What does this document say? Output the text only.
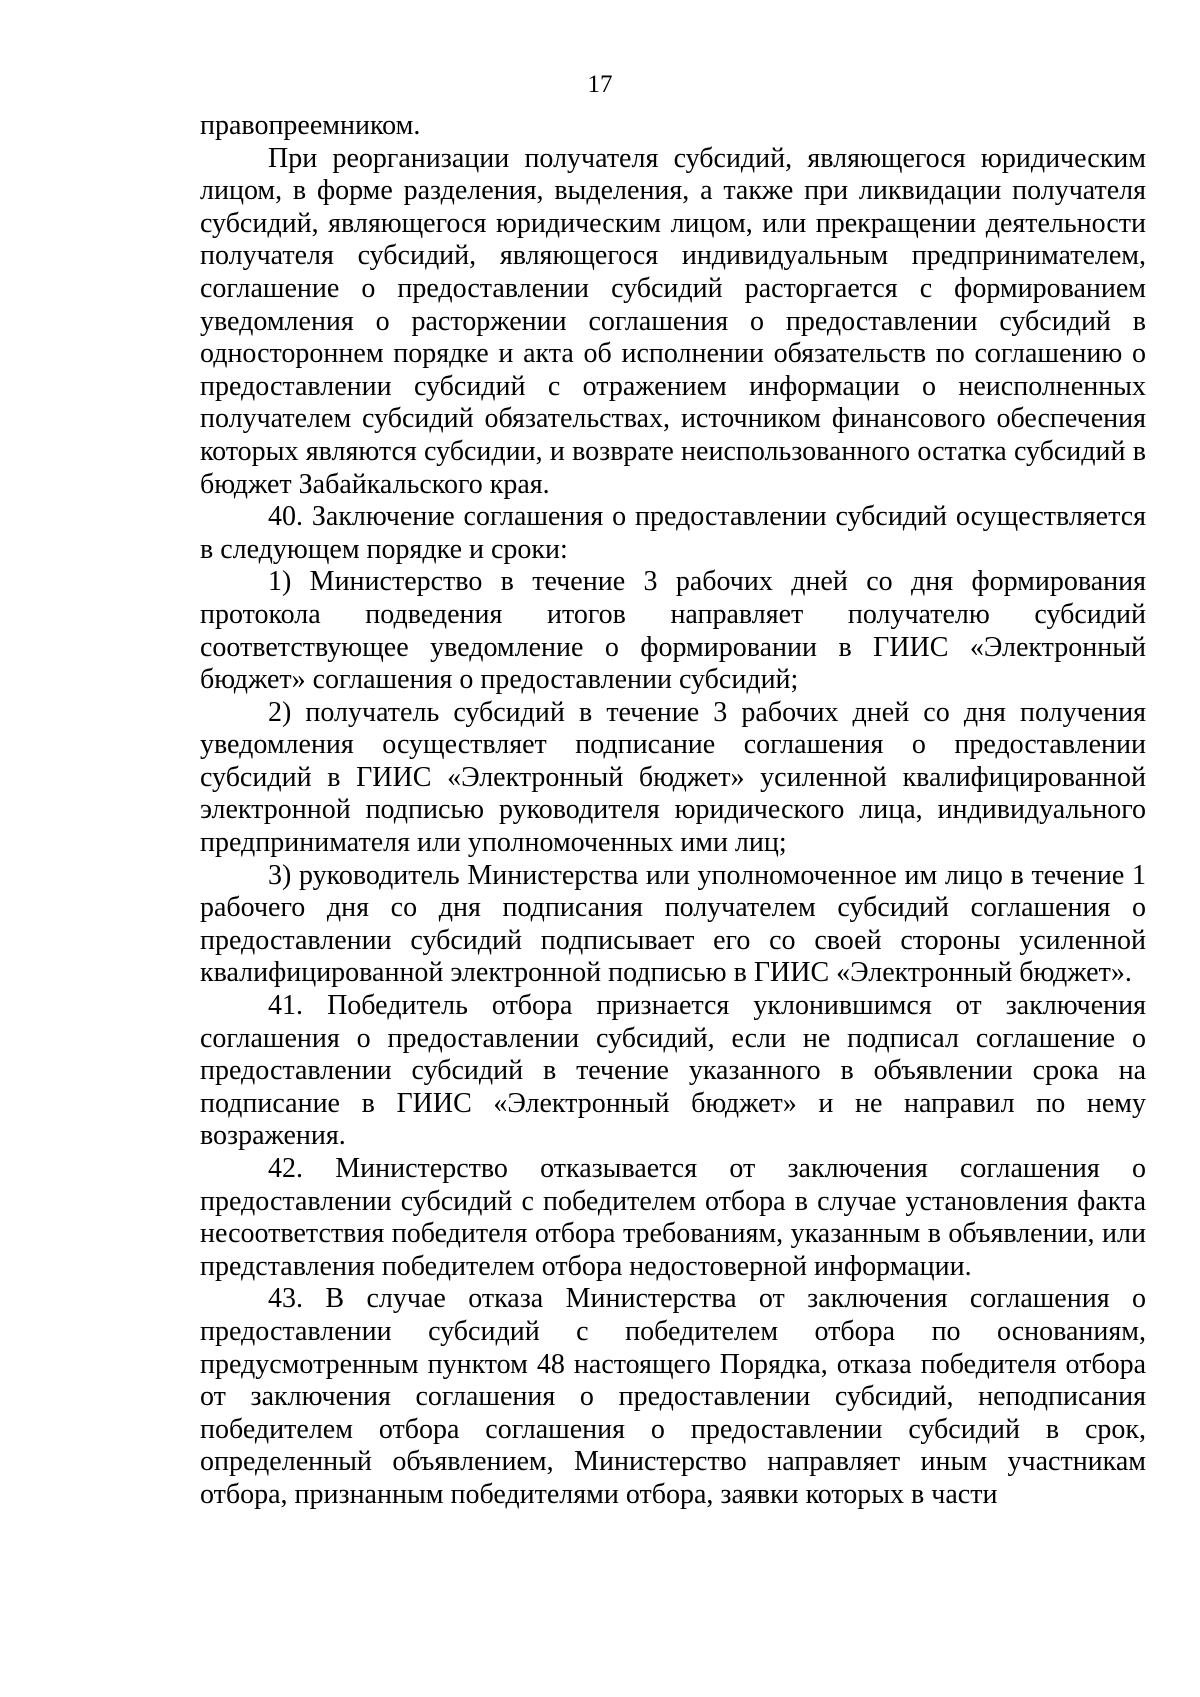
17

правопреемником.

При реорганизации получателя субсидий, являющегося юридическим лицом, в форме разделения, выделения, а также при ликвидации получателя субсидий, являющегося юридическим лицом, или прекращении деятельности получателя субсидий, являющегося индивидуальным предпринимателем, соглашение о предоставлении субсидий расторгается с формированием уведомления о расторжении соглашения о предоставлении субсидий в одностороннем порядке и акта об исполнении обязательств по соглашению о предоставлении субсидий с отражением информации о неисполненных получателем субсидий обязательствах, источником финансового обеспечения которых являются субсидии, и возврате неиспользованного остатка субсидий в бюджет Забайкальского края.

40. Заключение соглашения о предоставлении субсидий осуществляется в следующем порядке и сроки:

1) Министерство в течение 3 рабочих дней со дня формирования протокола подведения итогов направляет получателю субсидий соответствующее уведомление о формировании в ГИИС «Электронный бюджет» соглашения о предоставлении субсидий;

2) получатель субсидий в течение 3 рабочих дней со дня получения уведомления осуществляет подписание соглашения о предоставлении субсидий в ГИИС «Электронный бюджет» усиленной квалифицированной электронной подписью руководителя юридического лица, индивидуального предпринимателя или уполномоченных ими лиц;

3) руководитель Министерства или уполномоченное им лицо в течение 1 рабочего дня со дня подписания получателем субсидий соглашения о предоставлении субсидий подписывает его со своей стороны усиленной квалифицированной электронной подписью в ГИИС «Электронный бюджет».

41. Победитель отбора признается уклонившимся от заключения соглашения о предоставлении субсидий, если не подписал соглашение о предоставлении субсидий в течение указанного в объявлении срока на подписание в ГИИС «Электронный бюджет» и не направил по нему возражения.

42. Министерство отказывается от заключения соглашения о предоставлении субсидий с победителем отбора в случае установления факта несоответствия победителя отбора требованиям, указанным в объявлении, или представления победителем отбора недостоверной информации.

43. В случае отказа Министерства от заключения соглашения о предоставлении субсидий с победителем отбора по основаниям, предусмотренным пунктом 48 настоящего Порядка, отказа победителя отбора от заключения соглашения о предоставлении субсидий, неподписания победителем отбора соглашения о предоставлении субсидий в срок, определенный объявлением, Министерство направляет иным участникам отбора, признанным победителями отбора, заявки которых в части
